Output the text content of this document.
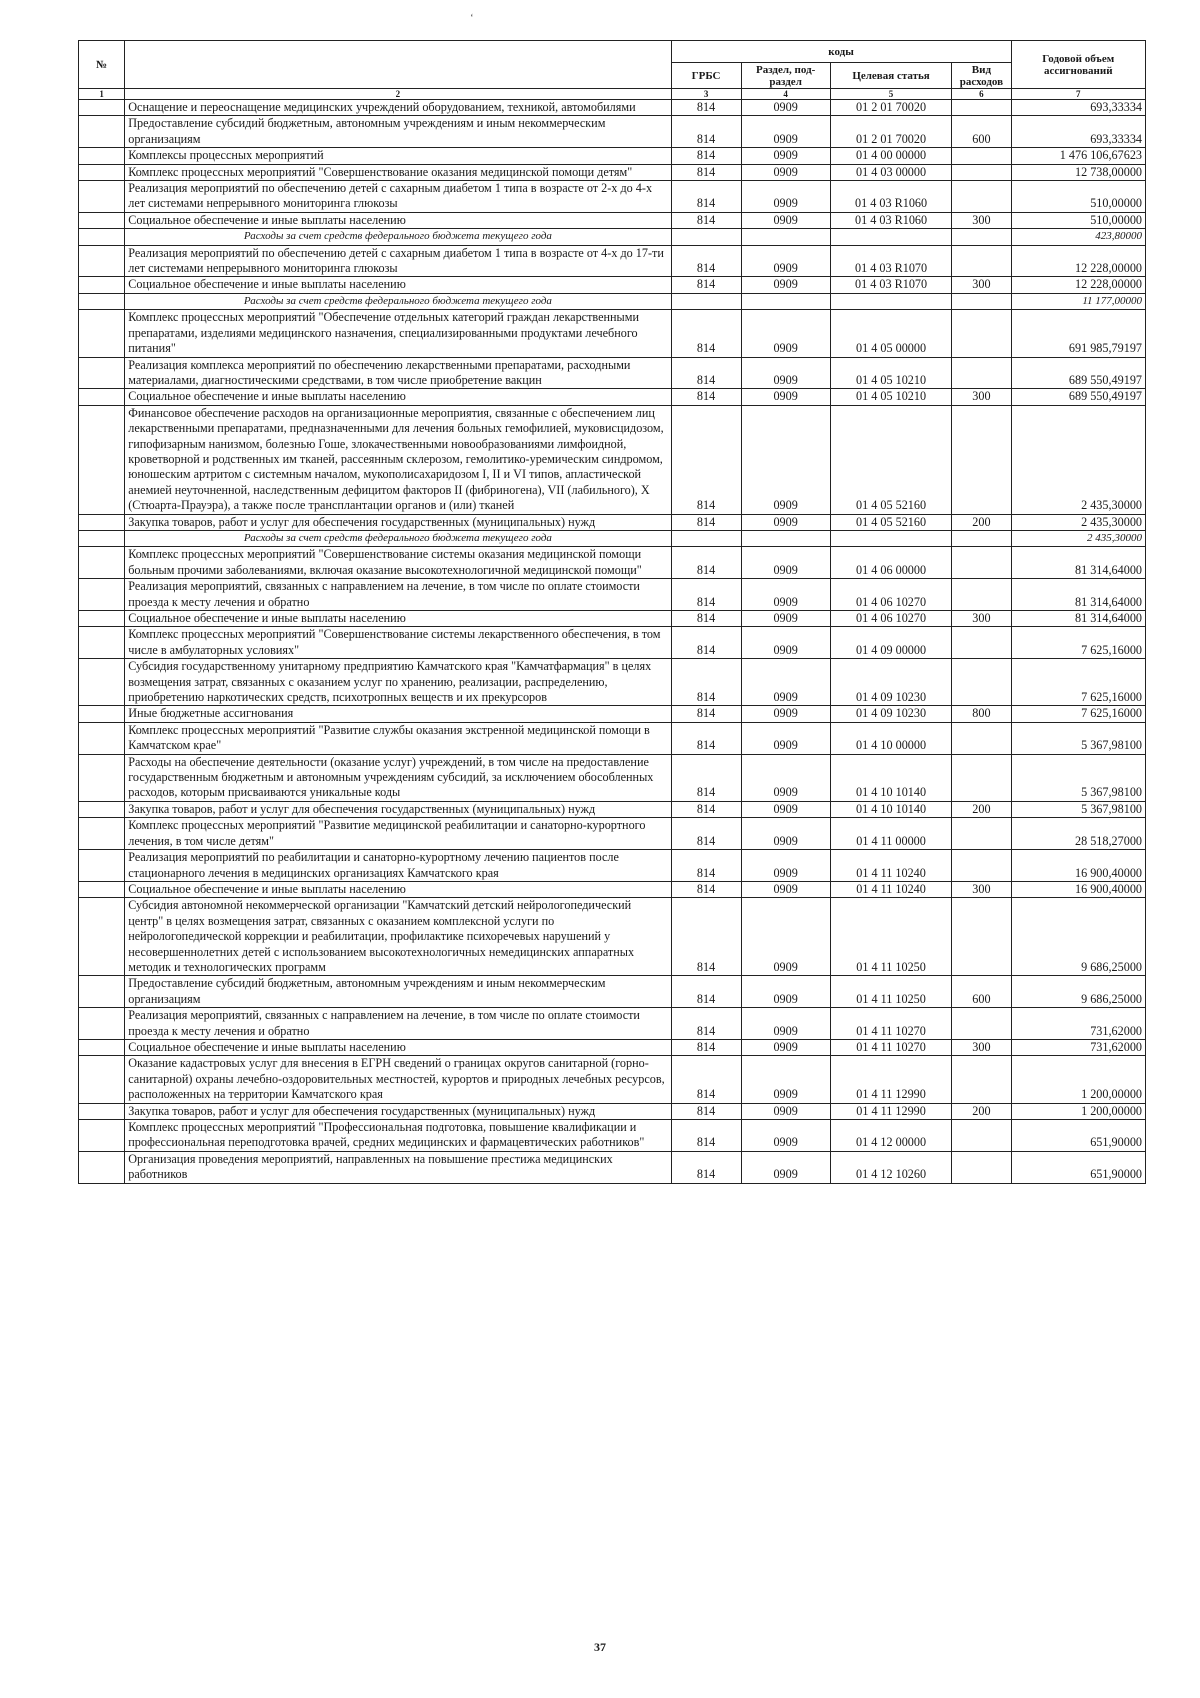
‘
№		коды				Годовой объем ассигнований
		ГРБС	Раздел, под-раздел	Целевая статья	Вид расходов	
1	2	3	4	5	6	7
	Оснащение и переоснащение медицинских учреждений оборудованием, техникой, автомобилями	814	0909	01 2 01 70020		693,33334
	Предоставление субсидий бюджетным, автономным учреждениям и иным некоммерческим организациям	814	0909	01 2 01 70020	600	693,33334
	Комплексы процессных мероприятий	814	0909	01 4 00 00000		1 476 106,67623
	Комплекс процессных мероприятий "Совершенствование оказания медицинской помощи детям"	814	0909	01 4 03 00000		12 738,00000
	Реализация мероприятий по обеспечению детей с сахарным диабетом 1 типа в возрасте от 2-х до 4-х лет системами непрерывного мониторинга глюкозы	814	0909	01 4 03 R1060		510,00000
	Социальное обеспечение и иные выплаты населению	814	0909	01 4 03 R1060	300	510,00000
	Расходы за счет средств федерального бюджета текущего года					423,80000
	Реализация мероприятий по обеспечению детей с сахарным диабетом 1 типа в возрасте от 4-х до 17-ти лет системами непрерывного мониторинга глюкозы	814	0909	01 4 03 R1070		12 228,00000
	Социальное обеспечение и иные выплаты населению	814	0909	01 4 03 R1070	300	12 228,00000
	Расходы за счет средств федерального бюджета текущего года					11 177,00000
	Комплекс процессных мероприятий "Обеспечение отдельных категорий граждан лекарственными препаратами, изделиями медицинского назначения, специализированными продуктами лечебного питания"	814	0909	01 4 05 00000		691 985,79197
	Реализация комплекса мероприятий по обеспечению лекарственными препаратами, расходными материалами, диагностическими средствами, в том числе приобретение вакцин	814	0909	01 4 05 10210		689 550,49197
	Социальное обеспечение и иные выплаты населению	814	0909	01 4 05 10210	300	689 550,49197
	Финансовое обеспечение расходов на организационные мероприятия, связанные с обеспечением лиц лекарственными препаратами, предназначенными для лечения больных гемофилией, муковисцидозом, гипофизарным нанизмом, болезнью Гоше, злокачественными новообразованиями лимфоидной, кроветворной и родственных им тканей, рассеянным склерозом, гемолитико-уремическим синдромом, юношеским артритом с системным началом, мукополисахаридозом I, II и VI типов, апластической анемией неуточненной, наследственным дефицитом факторов II (фибриногена), VII (лабильного), X (Стюарта-Прауэра), а также после трансплантации органов и (или) тканей	814	0909	01 4 05 52160		2 435,30000
	Закупка товаров, работ и услуг для обеспечения государственных (муниципальных) нужд	814	0909	01 4 05 52160	200	2 435,30000
	Расходы за счет средств федерального бюджета текущего года					2 435,30000
	Комплекс процессных мероприятий "Совершенствование системы оказания медицинской помощи больным прочими заболеваниями, включая оказание высокотехнологичной медицинской помощи"	814	0909	01 4 06 00000		81 314,64000
	Реализация мероприятий, связанных с направлением на лечение, в том числе по оплате стоимости проезда к месту лечения и обратно	814	0909	01 4 06 10270		81 314,64000
	Социальное обеспечение и иные выплаты населению	814	0909	01 4 06 10270	300	81 314,64000
	Комплекс процессных мероприятий "Совершенствование системы лекарственного обеспечения, в том числе в амбулаторных условиях"	814	0909	01 4 09 00000		7 625,16000
	Субсидия государственному унитарному предприятию Камчатского края "Камчатфармация" в целях возмещения затрат, связанных с оказанием услуг по хранению, реализации, распределению, приобретению наркотических средств, психотропных веществ и их прекурсоров	814	0909	01 4 09 10230		7 625,16000
	Иные бюджетные ассигнования	814	0909	01 4 09 10230	800	7 625,16000
	Комплекс процессных мероприятий "Развитие службы оказания экстренной медицинской помощи в Камчатском крае"	814	0909	01 4 10 00000		5 367,98100
	Расходы на обеспечение деятельности (оказание услуг) учреждений, в том числе на предоставление государственным бюджетным и автономным учреждениям субсидий, за исключением обособленных расходов, которым присваиваются уникальные коды	814	0909	01 4 10 10140		5 367,98100
	Закупка товаров, работ и услуг для обеспечения государственных (муниципальных) нужд	814	0909	01 4 10 10140	200	5 367,98100
	Комплекс процессных мероприятий "Развитие медицинской реабилитации и санаторно-курортного лечения, в том числе детям"	814	0909	01 4 11 00000		28 518,27000
	Реализация мероприятий по реабилитации и санаторно-курортному лечению пациентов после стационарного лечения в медицинских организациях Камчатского края	814	0909	01 4 11 10240		16 900,40000
	Социальное обеспечение и иные выплаты населению	814	0909	01 4 11 10240	300	16 900,40000
	Субсидия автономной некоммерческой организации "Камчатский детский нейрологопедический центр" в целях возмещения затрат, связанных с оказанием комплексной услуги по нейрологопедической коррекции и реабилитации, профилактике психоречевых нарушений у несовершеннолетних детей с использованием высокотехнологичных немедицинских аппаратных методик и технологических программ	814	0909	01 4 11 10250		9 686,25000
	Предоставление субсидий бюджетным, автономным учреждениям и иным некоммерческим организациям	814	0909	01 4 11 10250	600	9 686,25000
	Реализация мероприятий, связанных с направлением на лечение, в том числе по оплате стоимости проезда к месту лечения и обратно	814	0909	01 4 11 10270		731,62000
	Социальное обеспечение и иные выплаты населению	814	0909	01 4 11 10270	300	731,62000
	Оказание кадастровых услуг для внесения в ЕГРН сведений о границах округов санитарной (горно-санитарной) охраны лечебно-оздоровительных местностей, курортов и природных лечебных ресурсов, расположенных на территории Камчатского края	814	0909	01 4 11 12990		1 200,00000
	Закупка товаров, работ и услуг для обеспечения государственных (муниципальных) нужд	814	0909	01 4 11 12990	200	1 200,00000
	Комплекс процессных мероприятий "Профессиональная подготовка, повышение квалификации и профессиональная переподготовка врачей, средних медицинских и фармацевтических работников"	814	0909	01 4 12 00000		651,90000
	Организация проведения мероприятий, направленных на повышение престижа медицинских работников	814	0909	01 4 12 10260		651,90000
37
